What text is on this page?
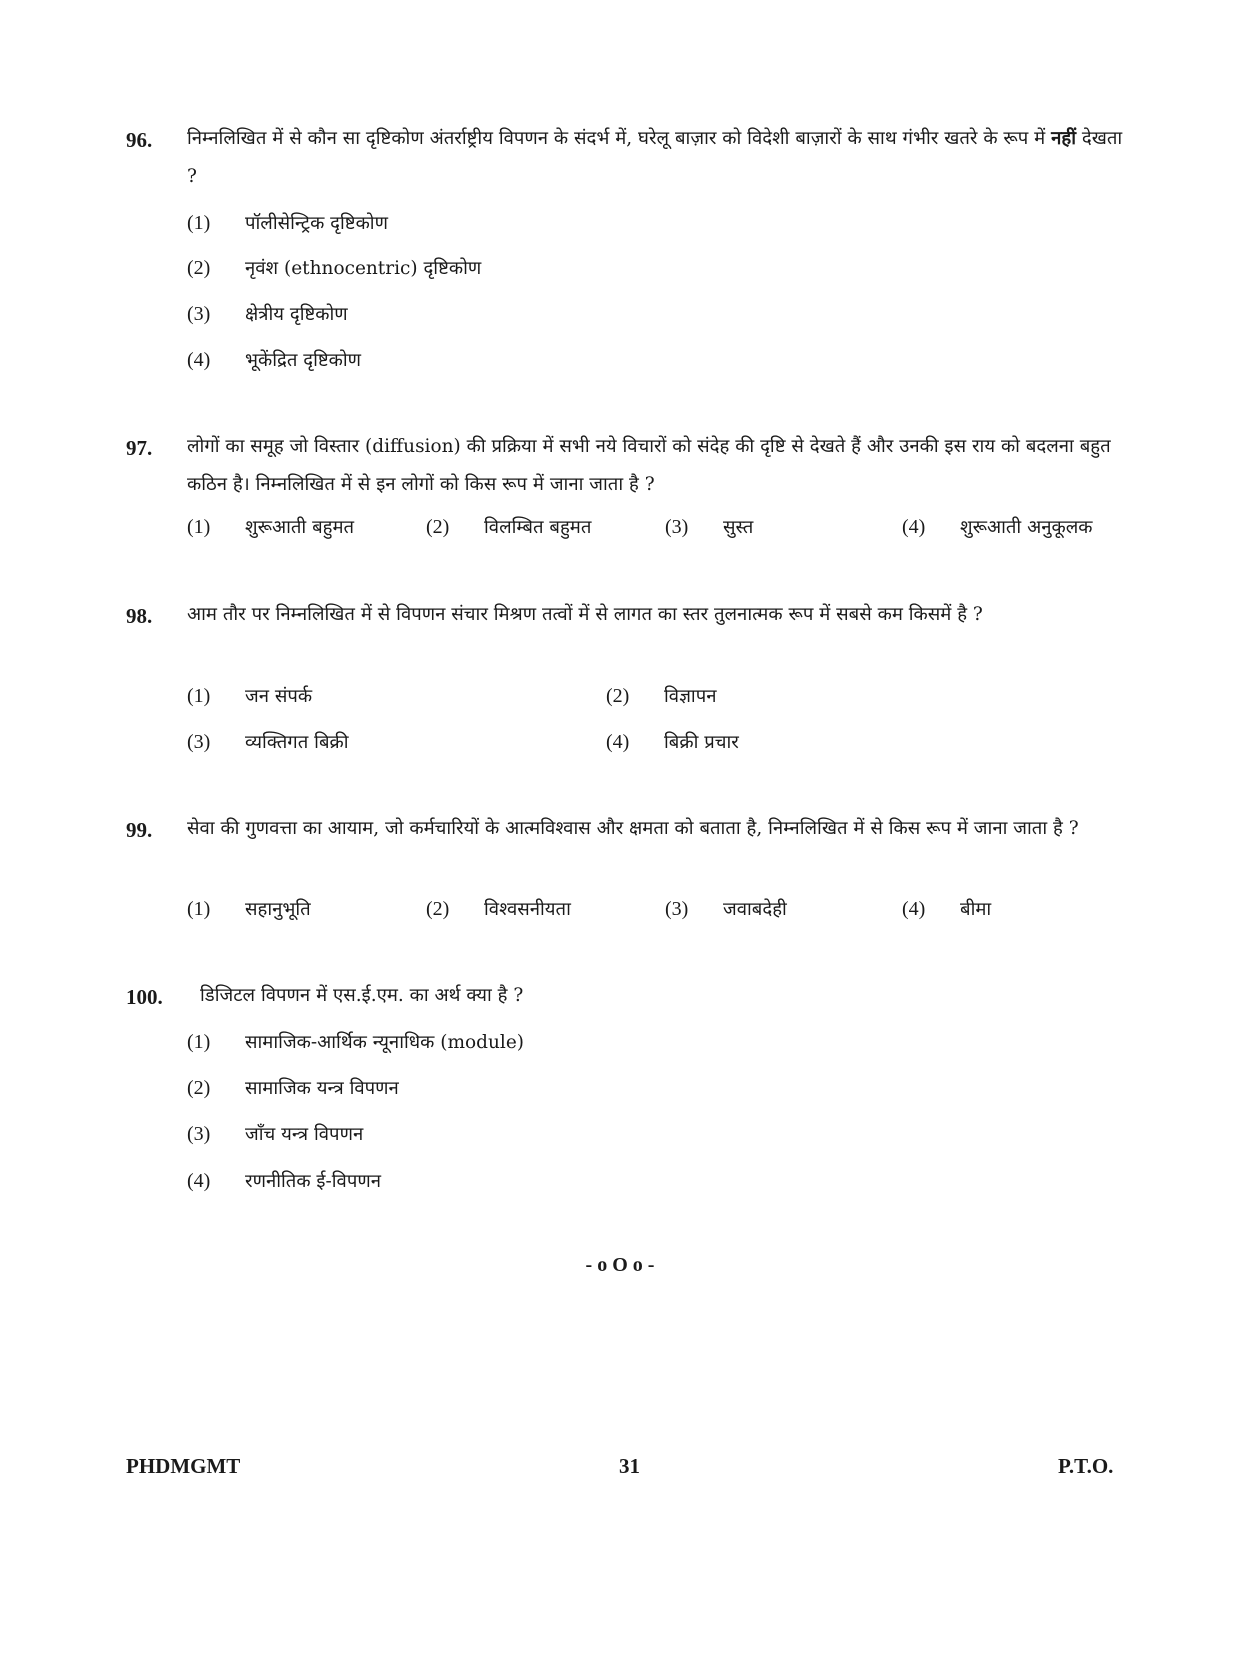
96. निम्नलिखित में से कौन सा दृष्टिकोण अंतर्राष्ट्रीय विपणन के संदर्भ में, घरेलू बाज़ार को विदेशी बाज़ारों के साथ गंभीर खतरे के रूप में नहीं देखता ?
(1) पॉलीसेन्ट्रिक दृष्टिकोण
(2) नृवंश (ethnocentric) दृष्टिकोण
(3) क्षेत्रीय दृष्टिकोण
(4) भूकेंद्रित दृष्टिकोण
97. लोगों का समूह जो विस्तार (diffusion) की प्रक्रिया में सभी नये विचारों को संदेह की दृष्टि से देखते हैं और उनकी इस राय को बदलना बहुत कठिन है। निम्नलिखित में से इन लोगों को किस रूप में जाना जाता है ?
(1) शुरूआती बहुमत	(2) विलम्बित बहुमत	(3) सुस्त	(4) शुरूआती अनुकूलक
98. आम तौर पर निम्नलिखित में से विपणन संचार मिश्रण तत्वों में से लागत का स्तर तुलनात्मक रूप में सबसे कम किसमें है ?
(1) जन संपर्क	(2) विज्ञापन
(3) व्यक्तिगत बिक्री	(4) बिक्री प्रचार
99. सेवा की गुणवत्ता का आयाम, जो कर्मचारियों के आत्मविश्वास और क्षमता को बताता है, निम्नलिखित में से किस रूप में जाना जाता है ?
(1) सहानुभूति	(2) विश्वसनीयता	(3) जवाबदेही	(4) बीमा
100. डिजिटल विपणन में एस.ई.एम. का अर्थ क्या है ?
(1) सामाजिक-आर्थिक न्यूनाधिक (module)
(2) सामाजिक यन्त्र विपणन
(3) जाँच यन्त्र विपणन
(4) रणनीतिक ई-विपणन
- o O o -
PHDMGMT	31	P.T.O.
